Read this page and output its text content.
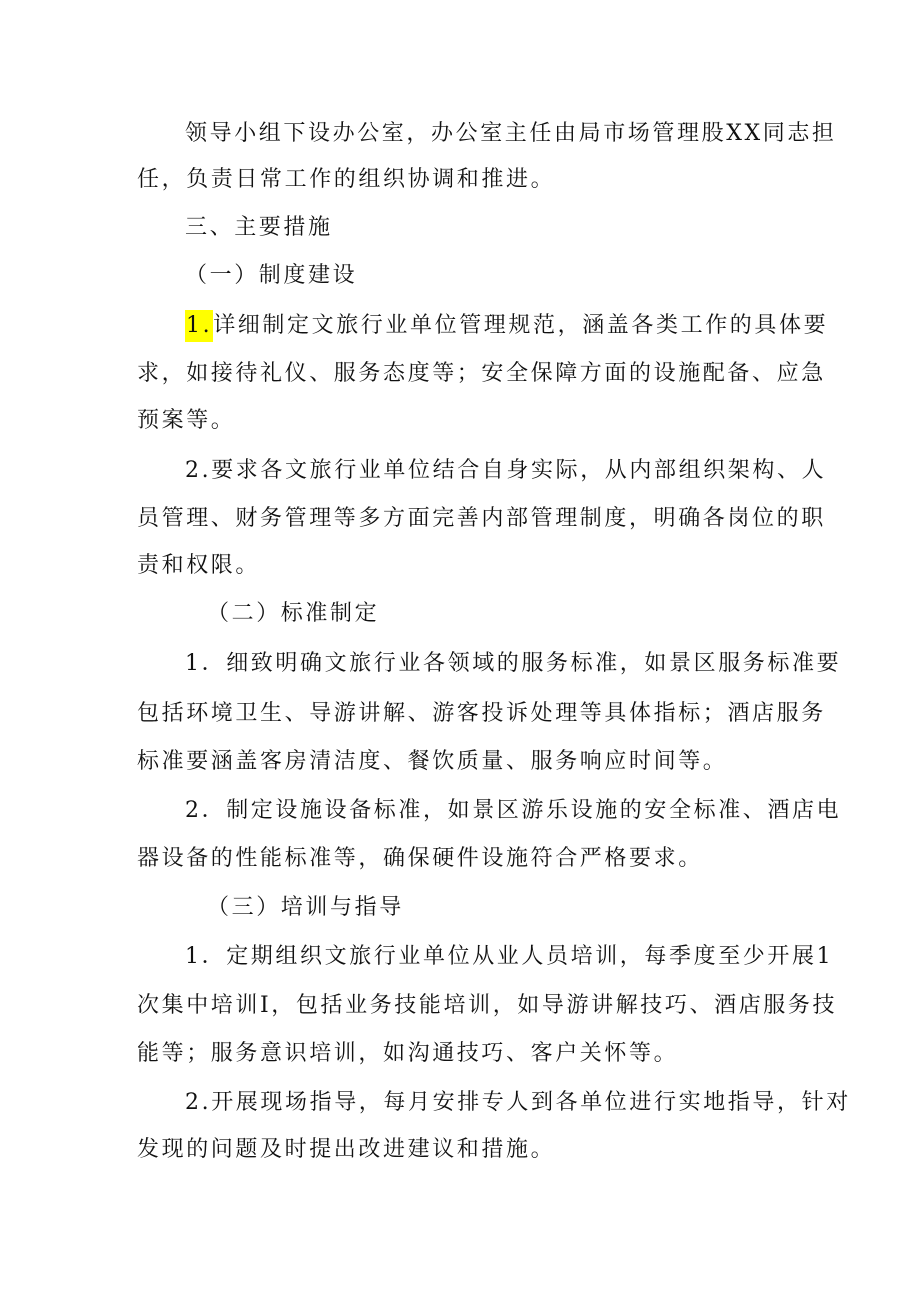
领导小组下设办公室，办公室主任由局市场管理股XX同志担
任，负责日常工作的组织协调和推进。
三、主要措施
（一）制度建设
1.详细制定文旅行业单位管理规范，涵盖各类工作的具体要
求，如接待礼仪、服务态度等；安全保障方面的设施配备、应急
预案等。
2.要求各文旅行业单位结合自身实际，从内部组织架构、人
员管理、财务管理等多方面完善内部管理制度，明确各岗位的职
责和权限。
（二）标准制定
1．细致明确文旅行业各领域的服务标准，如景区服务标准要
包括环境卫生、导游讲解、游客投诉处理等具体指标；酒店服务
标准要涵盖客房清洁度、餐饮质量、服务响应时间等。
2．制定设施设备标准，如景区游乐设施的安全标准、酒店电
器设备的性能标准等，确保硬件设施符合严格要求。
（三）培训与指导
1．定期组织文旅行业单位从业人员培训，每季度至少开展1
次集中培训I，包括业务技能培训，如导游讲解技巧、酒店服务技
能等；服务意识培训，如沟通技巧、客户关怀等。
2.开展现场指导，每月安排专人到各单位进行实地指导，针对
发现的问题及时提出改进建议和措施。
